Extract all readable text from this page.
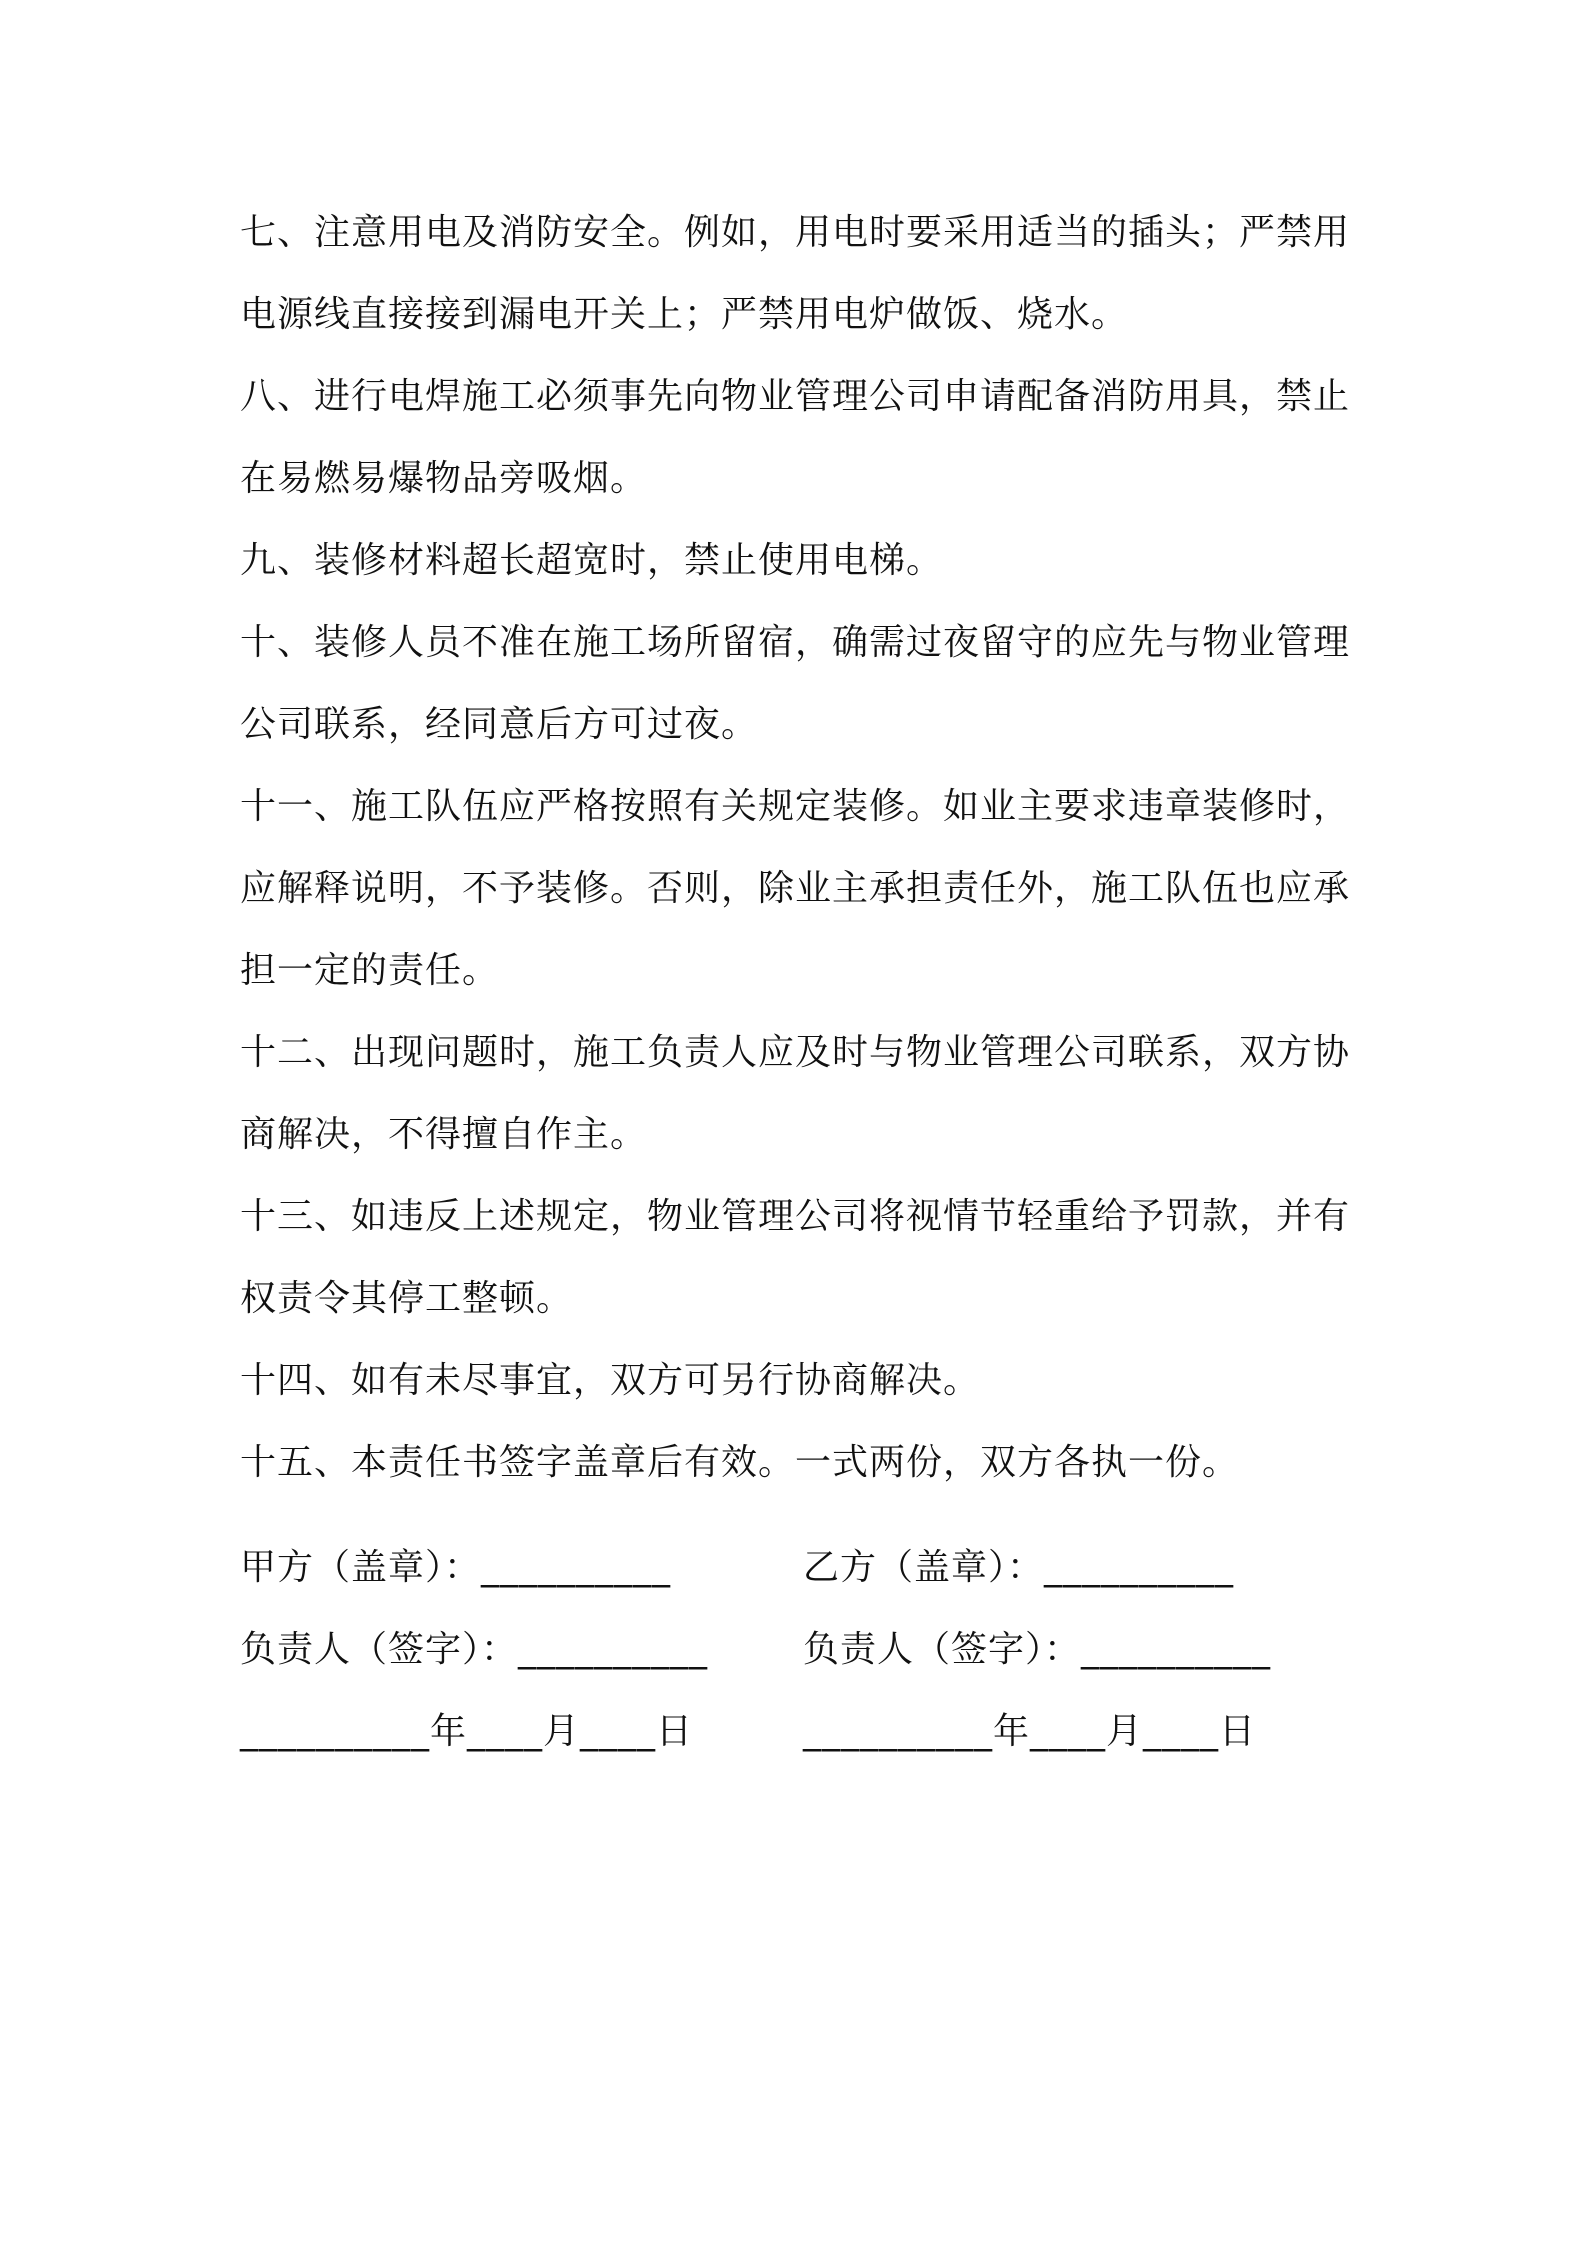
七、注意用电及消防安全。例如，用电时要采用适当的插头；严禁用电源线直接接到漏电开关上；严禁用电炉做饭、烧水。

八、进行电焊施工必须事先向物业管理公司申请配备消防用具，禁止在易燃易爆物品旁吸烟。

九、装修材料超长超宽时，禁止使用电梯。

十、装修人员不准在施工场所留宿，确需过夜留守的应先与物业管理公司联系，经同意后方可过夜。

十一、施工队伍应严格按照有关规定装修。如业主要求违章装修时，应解释说明，不予装修。否则，除业主承担责任外，施工队伍也应承担一定的责任。

十二、出现问题时，施工负责人应及时与物业管理公司联系，双方协商解决，不得擅自作主。

十三、如违反上述规定，物业管理公司将视情节轻重给予罚款，并有权责令其停工整顿。

十四、如有未尽事宜，双方可另行协商解决。

十五、本责任书签字盖章后有效。一式两份，双方各执一份。

甲方（盖章）：__________	乙方（盖章）：__________
负责人（签字）：__________	负责人（签字）：__________
__________年____月____日	__________年____月____日
